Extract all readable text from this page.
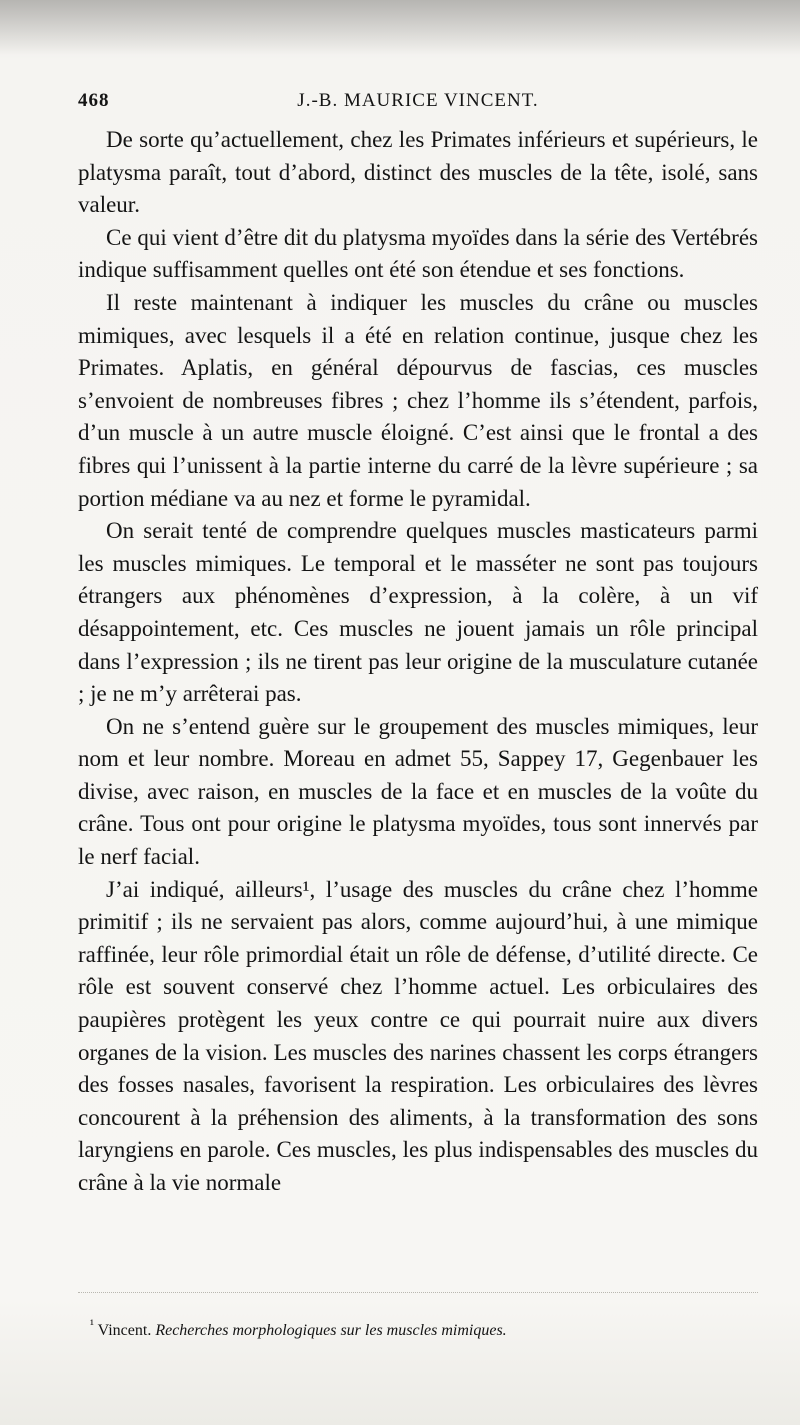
468	J.-B. MAURICE VINCENT.

De sorte qu’actuellement, chez les Primates inférieurs et supérieurs, le platysma paraît, tout d’abord, distinct des muscles de la tête, isolé, sans valeur.

Ce qui vient d’être dit du platysma myoïdes dans la série des Vertébrés indique suffisamment quelles ont été son étendue et ses fonctions.

Il reste maintenant à indiquer les muscles du crâne ou muscles mimiques, avec lesquels il a été en relation continue, jusque chez les Primates. Aplatis, en général dépourvus de fascias, ces muscles s’envoient de nombreuses fibres ; chez l’homme ils s’étendent, parfois, d’un muscle à un autre muscle éloigné. C’est ainsi que le frontal a des fibres qui l’unissent à la partie interne du carré de la lèvre supérieure ; sa portion médiane va au nez et forme le pyramidal.

On serait tenté de comprendre quelques muscles masticateurs parmi les muscles mimiques. Le temporal et le masséter ne sont pas toujours étrangers aux phénomènes d’expression, à la colère, à un vif désappointement, etc. Ces muscles ne jouent jamais un rôle principal dans l’expression ; ils ne tirent pas leur origine de la musculature cutanée ; je ne m’y arrêterai pas.

On ne s’entend guère sur le groupement des muscles mimiques, leur nom et leur nombre. Moreau en admet 55, Sappey 17, Gegenbauer les divise, avec raison, en muscles de la face et en muscles de la voûte du crâne. Tous ont pour origine le platysma myoïdes, tous sont innervés par le nerf facial.

J’ai indiqué, ailleurs¹, l’usage des muscles du crâne chez l’homme primitif ; ils ne servaient pas alors, comme aujourd’hui, à une mimique raffinée, leur rôle primordial était un rôle de défense, d’utilité directe. Ce rôle est souvent conservé chez l’homme actuel. Les orbiculaires des paupières protègent les yeux contre ce qui pourrait nuire aux divers organes de la vision. Les muscles des narines chassent les corps étrangers des fosses nasales, favorisent la respiration. Les orbiculaires des lèvres concourent à la préhension des aliments, à la transformation des sons laryngiens en parole. Ces muscles, les plus indispensables des muscles du crâne à la vie normale

$^{^1}$ Vincent. Recherches morphologiques sur les muscles mimiques.
